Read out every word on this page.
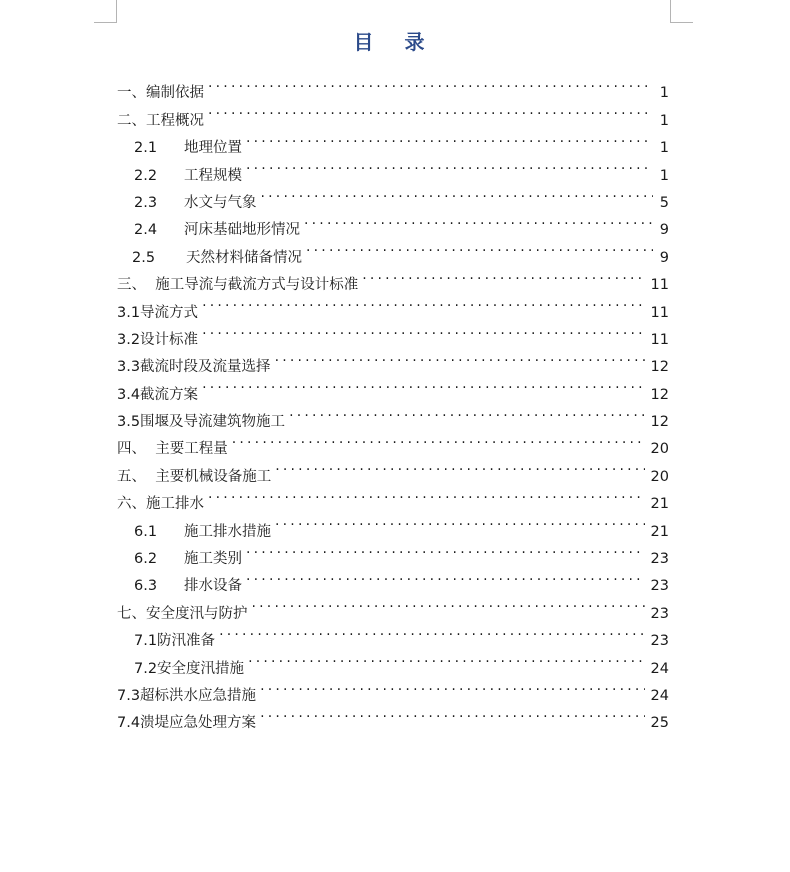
目 录
一、编制依据 .....	1
二、工程概况 .....	1
2.1	地理位置 .....	1
2.2	工程规模 .....	1
2.3	水文与气象 .....	5
2.4	河床基础地形情况 .....	9
2.5	天然材料储备情况 .....	9
三、  施工导流与截流方式与设计标准 .....	11
3.1导流方式 .....	11
3.2设计标准 .....	11
3.3截流时段及流量选择 .....	12
3.4截流方案 .....	12
3.5围堰及导流建筑物施工 .....	12
四、  主要工程量 .....	20
五、  主要机械设备施工 .....	20
六、施工排水 .....	21
6.1	施工排水措施 .....	21
6.2	施工类别 .....	23
6.3	排水设备 .....	23
七、安全度汛与防护 .....	23
7.1防汛准备 .....	23
7.2安全度汛措施 .....	24
7.3超标洪水应急措施 .....	24
7.4溃堤应急处理方案 .....	25
